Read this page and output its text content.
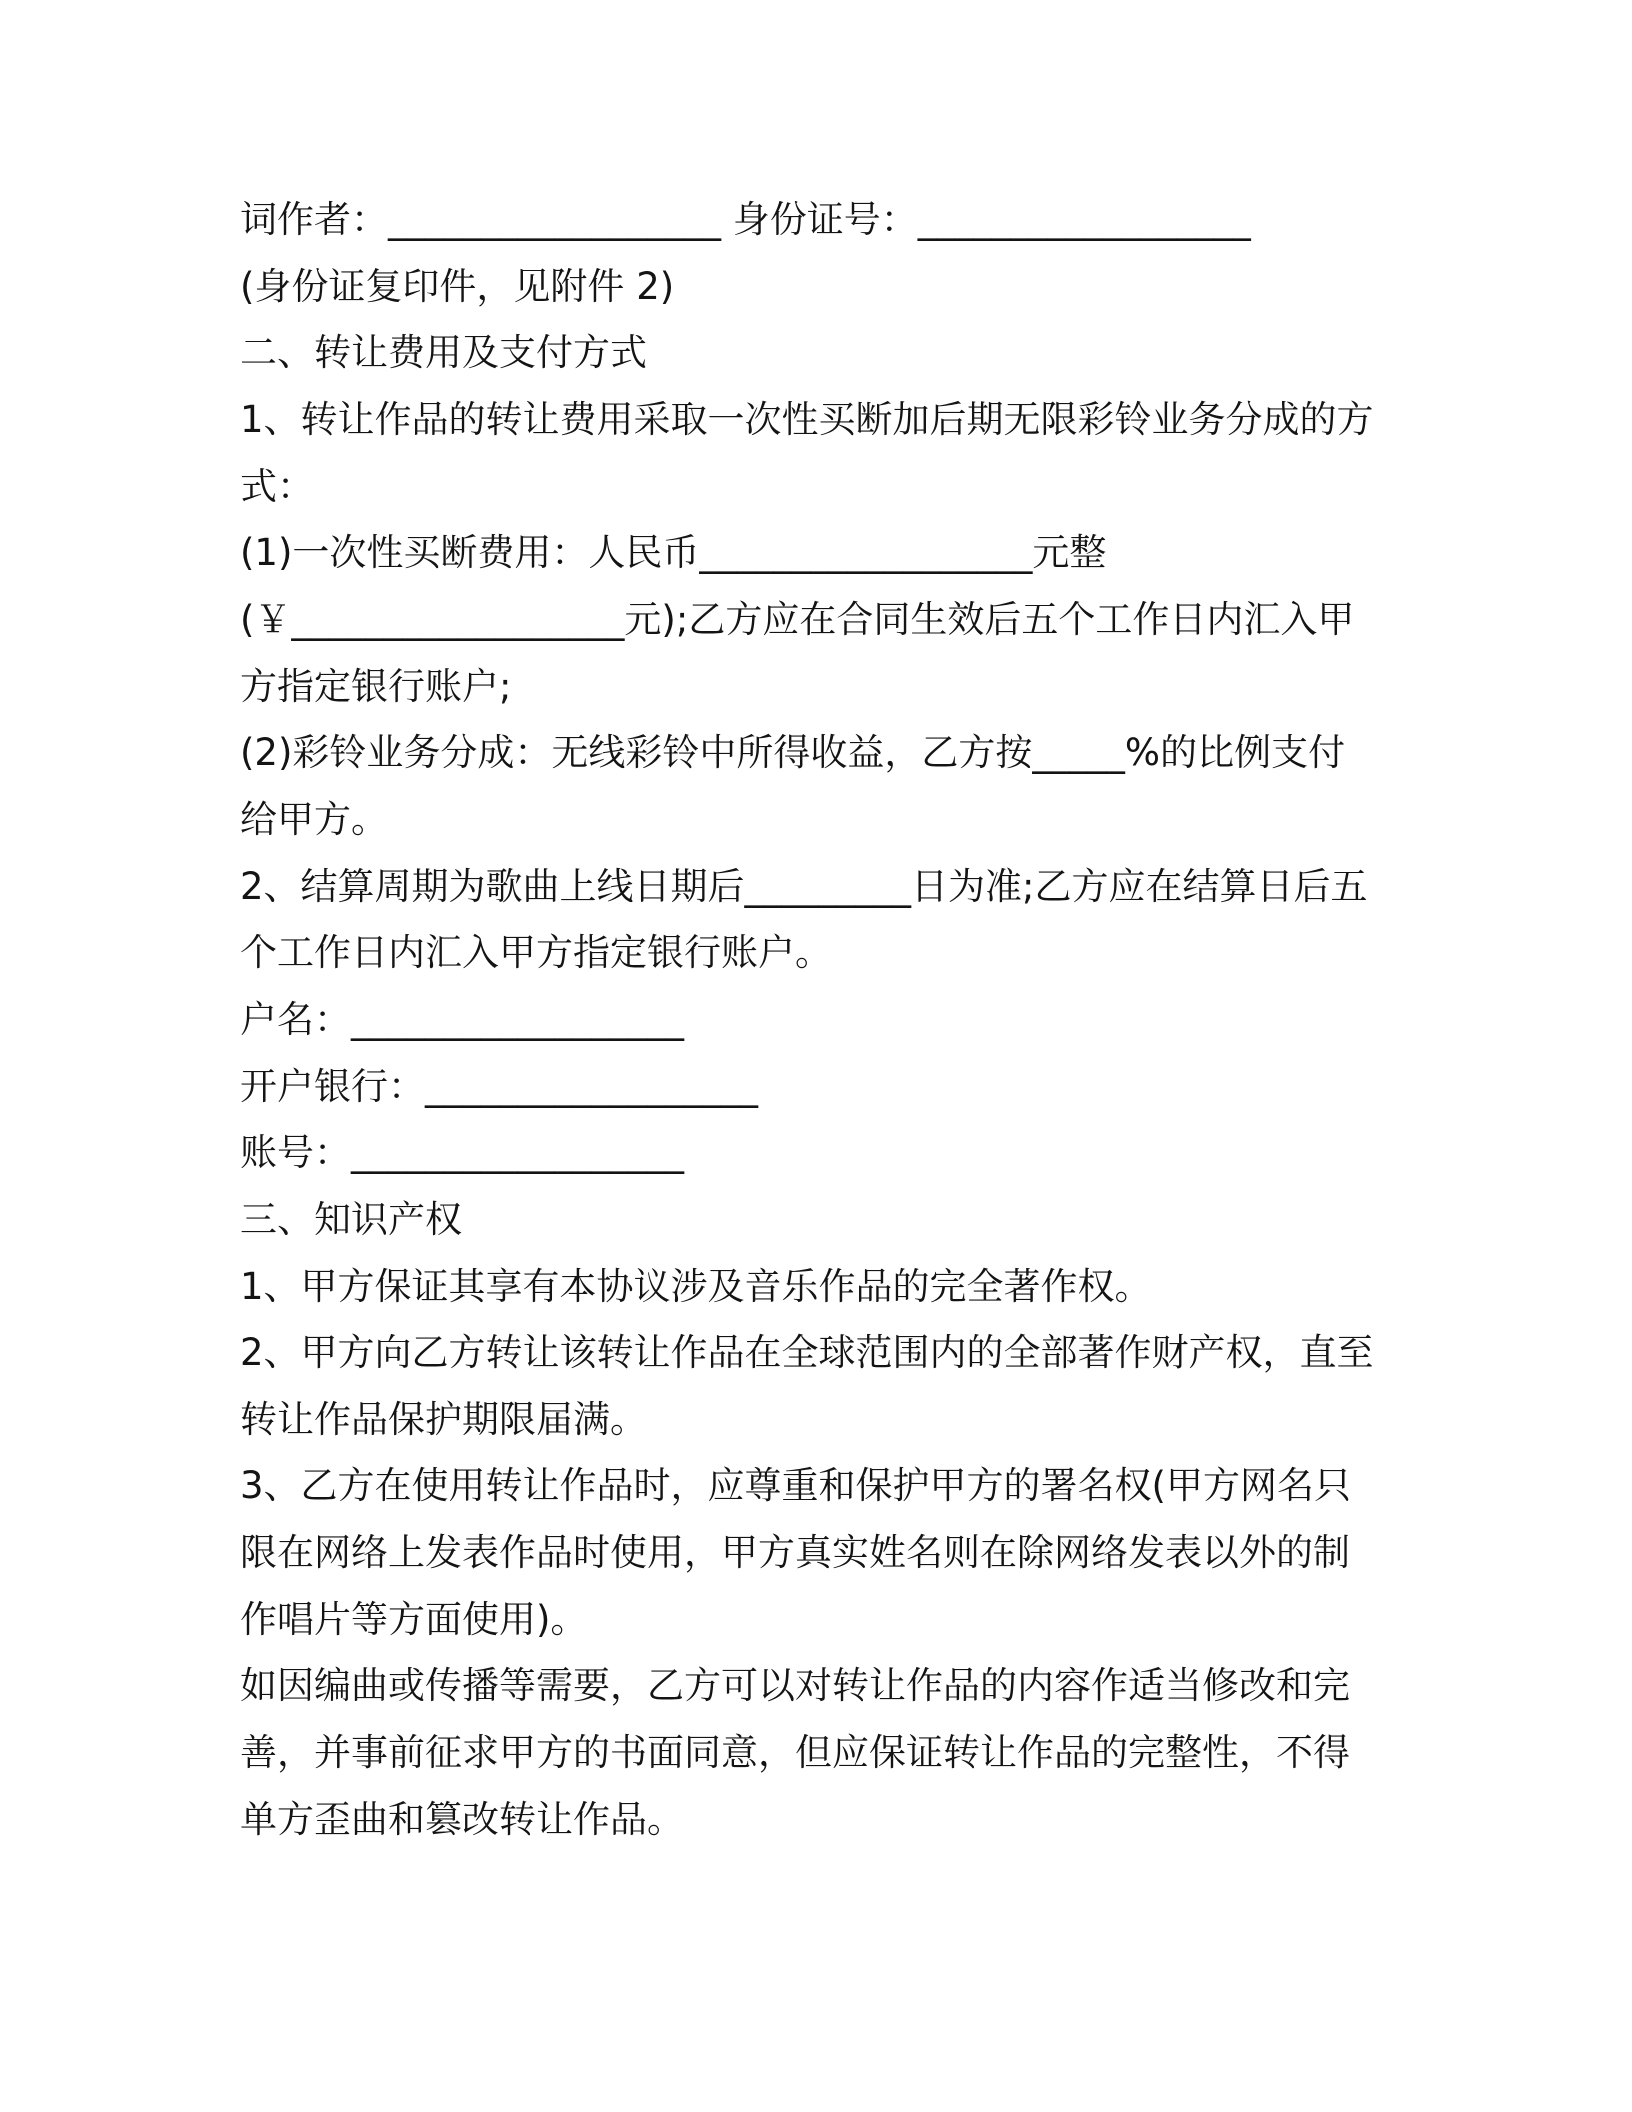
词作者：__________________ 身份证号：__________________
(身份证复印件，见附件 2)
二、转让费用及支付方式
1、转让作品的转让费用采取一次性买断加后期无限彩铃业务分成的方
式：
(1)一次性买断费用：人民币__________________元整
(￥__________________元);乙方应在合同生效后五个工作日内汇入甲
方指定银行账户;
(2)彩铃业务分成：无线彩铃中所得收益，乙方按_____%的比例支付
给甲方。
2、结算周期为歌曲上线日期后_________日为准;乙方应在结算日后五
个工作日内汇入甲方指定银行账户。
户名：__________________
开户银行：__________________
账号：__________________
三、知识产权
1、甲方保证其享有本协议涉及音乐作品的完全著作权。
2、甲方向乙方转让该转让作品在全球范围内的全部著作财产权，直至
转让作品保护期限届满。
3、乙方在使用转让作品时，应尊重和保护甲方的署名权(甲方网名只
限在网络上发表作品时使用，甲方真实姓名则在除网络发表以外的制
作唱片等方面使用)。
如因编曲或传播等需要，乙方可以对转让作品的内容作适当修改和完
善，并事前征求甲方的书面同意，但应保证转让作品的完整性，不得
单方歪曲和篡改转让作品。
